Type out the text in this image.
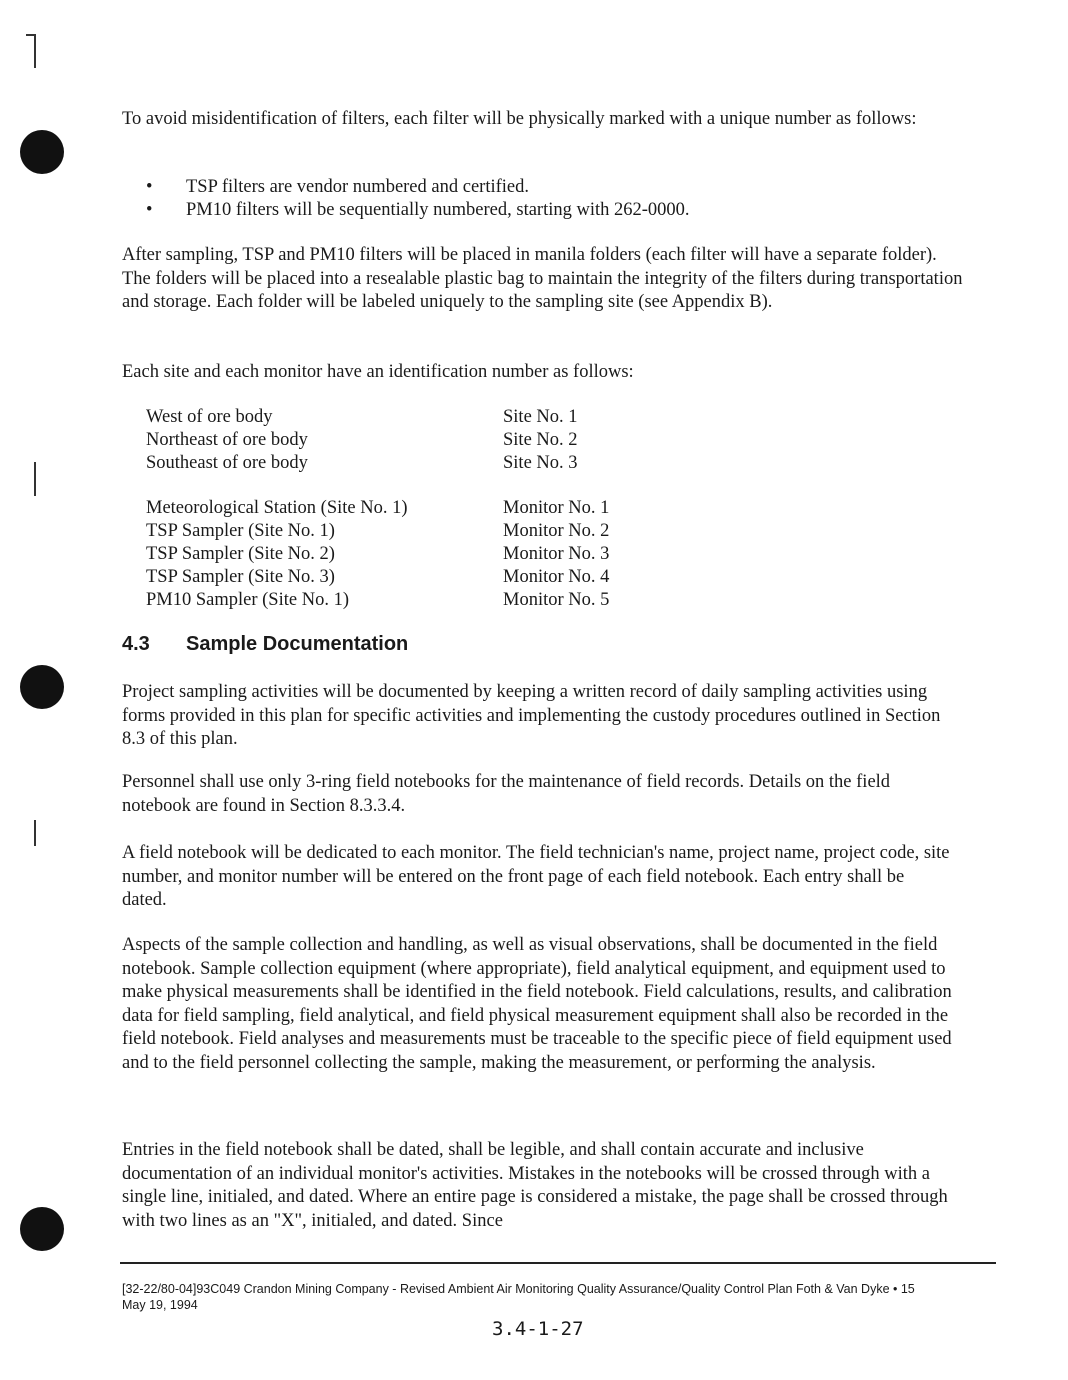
To avoid misidentification of filters, each filter will be physically marked with a unique number as follows:

•	TSP filters are vendor numbered and certified.
•	PM10 filters will be sequentially numbered, starting with 262-0000.

After sampling, TSP and PM10 filters will be placed in manila folders (each filter will have a separate folder). The folders will be placed into a resealable plastic bag to maintain the integrity of the filters during transportation and storage. Each folder will be labeled uniquely to the sampling site (see Appendix B).

Each site and each monitor have an identification number as follows:

West of ore body	Site No. 1
Northeast of ore body	Site No. 2
Southeast of ore body	Site No. 3
Meteorological Station (Site No. 1)	Monitor No. 1
TSP Sampler (Site No. 1)	Monitor No. 2
TSP Sampler (Site No. 2)	Monitor No. 3
TSP Sampler (Site No. 3)	Monitor No. 4
PM10 Sampler (Site No. 1)	Monitor No. 5
4.3 Sample Documentation

Project sampling activities will be documented by keeping a written record of daily sampling activities using forms provided in this plan for specific activities and implementing the custody procedures outlined in Section 8.3 of this plan.

Personnel shall use only 3-ring field notebooks for the maintenance of field records. Details on the field notebook are found in Section 8.3.3.4.

A field notebook will be dedicated to each monitor. The field technician's name, project name, project code, site number, and monitor number will be entered on the front page of each field notebook. Each entry shall be dated.

Aspects of the sample collection and handling, as well as visual observations, shall be documented in the field notebook. Sample collection equipment (where appropriate), field analytical equipment, and equipment used to make physical measurements shall be identified in the field notebook. Field calculations, results, and calibration data for field sampling, field analytical, and field physical measurement equipment shall also be recorded in the field notebook. Field analyses and measurements must be traceable to the specific piece of field equipment used and to the field personnel collecting the sample, making the measurement, or performing the analysis.

Entries in the field notebook shall be dated, shall be legible, and shall contain accurate and inclusive documentation of an individual monitor's activities. Mistakes in the notebooks will be crossed through with a single line, initialed, and dated. Where an entire page is considered a mistake, the page shall be crossed through with two lines as an "X", initialed, and dated. Since

[32-22/80-04]93C049 Crandon Mining Company - Revised Ambient Air Monitoring Quality Assurance/Quality Control Plan Foth & Van Dyke • 15
May 19, 1994
3.4-1-27
